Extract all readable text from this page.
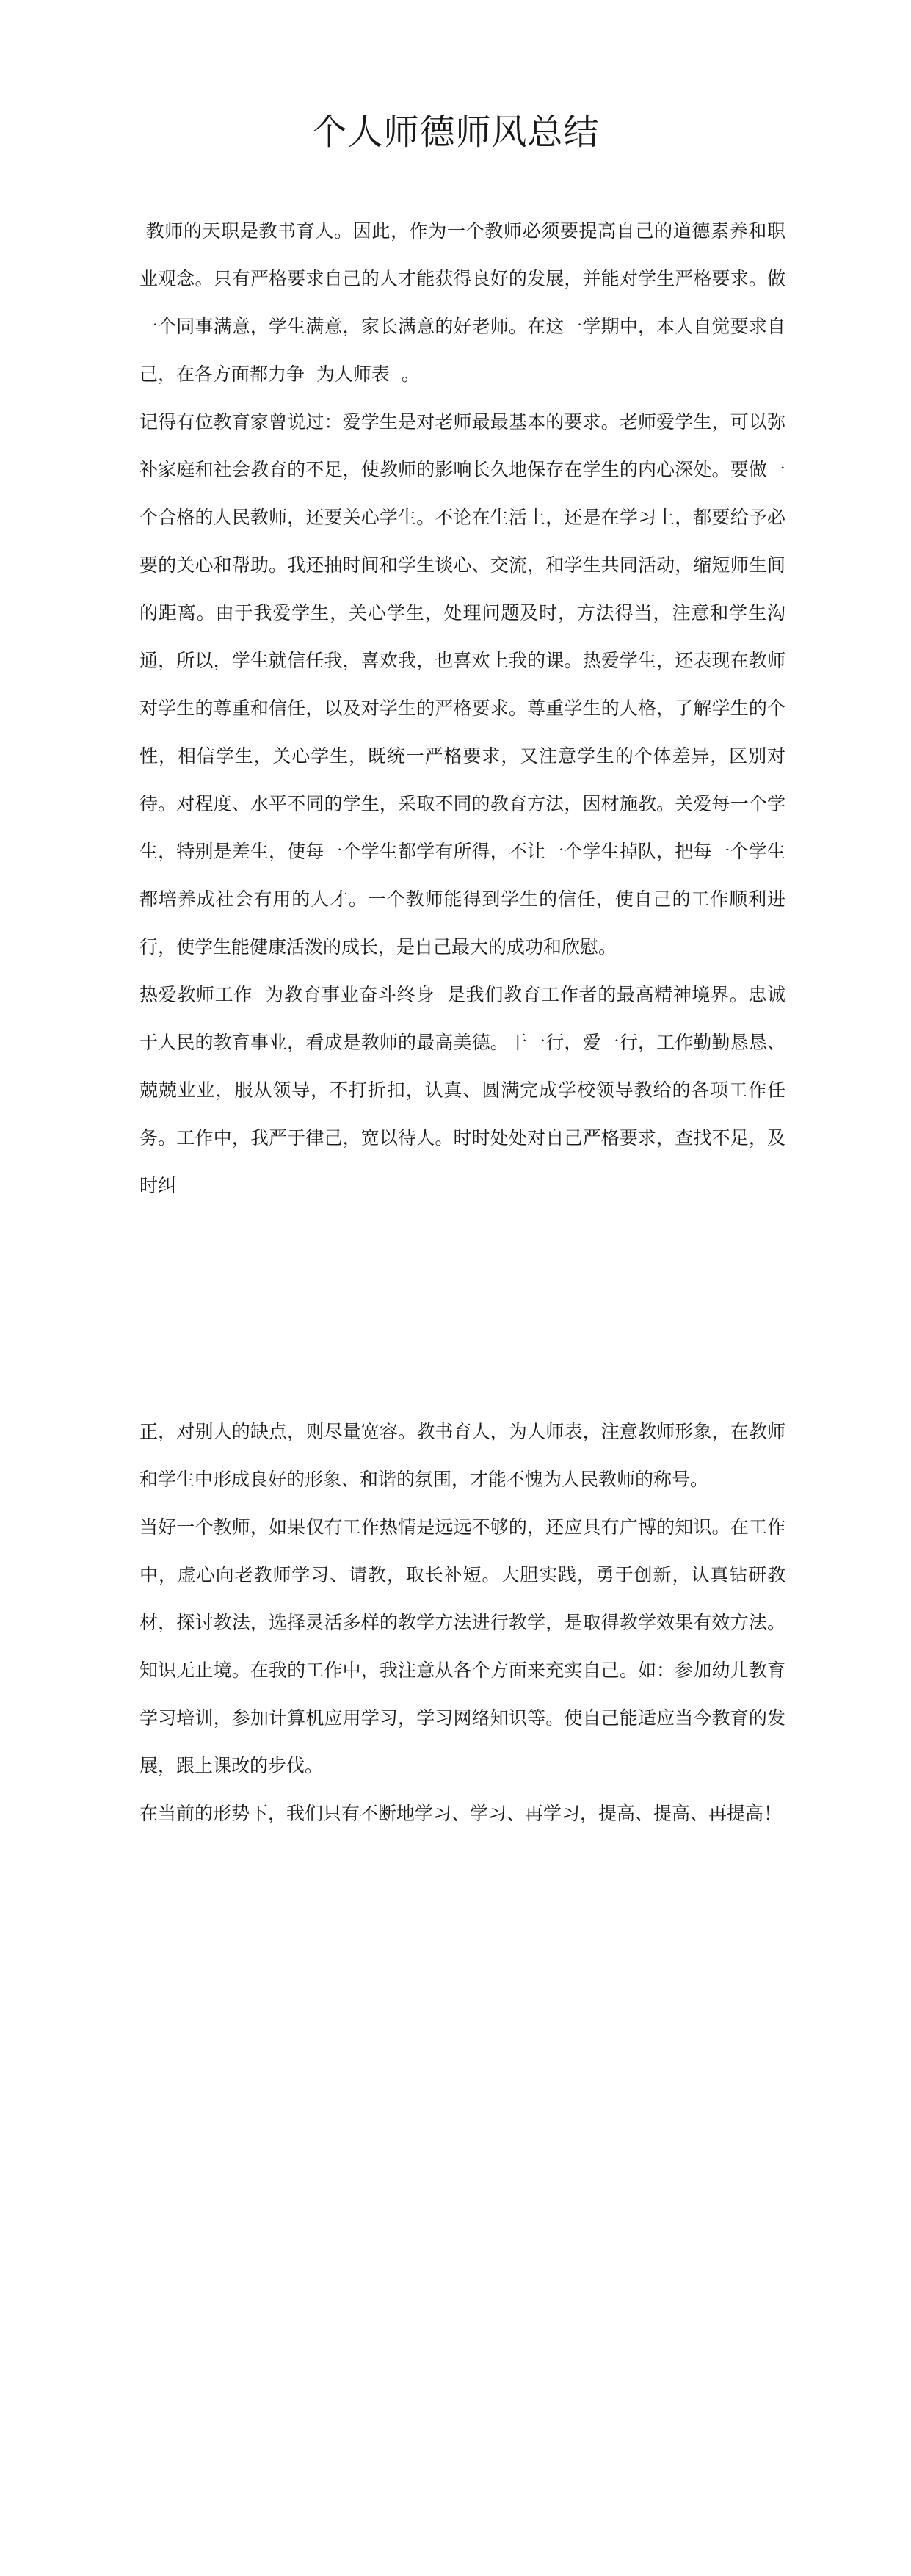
个人师德师风总结
教师的天职是教书育人。因此，作为一个教师必须要提高自己的道德素养和职业观念。只有严格要求自己的人才能获得良好的发展，并能对学生严格要求。做一个同事满意，学生满意，家长满意的好老师。在这一学期中，本人自觉要求自己，在各方面都力争  为人师表  。
记得有位教育家曾说过：爱学生是对老师最最基本的要求。老师爱学生，可以弥补家庭和社会教育的不足，使教师的影响长久地保存在学生的内心深处。要做一个合格的人民教师，还要关心学生。不论在生活上，还是在学习上，都要给予必要的关心和帮助。我还抽时间和学生谈心、交流，和学生共同活动，缩短师生间的距离。由于我爱学生，关心学生，处理问题及时，方法得当，注意和学生沟通，所以，学生就信任我，喜欢我，也喜欢上我的课。热爱学生，还表现在教师对学生的尊重和信任，以及对学生的严格要求。尊重学生的人格，了解学生的个性，相信学生，关心学生，既统一严格要求，又注意学生的个体差异，区别对待。对程度、水平不同的学生，采取不同的教育方法，因材施教。关爱每一个学生，特别是差生，使每一个学生都学有所得，不让一个学生掉队，把每一个学生都培养成社会有用的人才。一个教师能得到学生的信任，使自己的工作顺利进行，使学生能健康活泼的成长，是自己最大的成功和欣慰。
热爱教师工作  为教育事业奋斗终身  是我们教育工作者的最高精神境界。忠诚于人民的教育事业，看成是教师的最高美德。干一行，爱一行，工作勤勤恳恳、兢兢业业，服从领导，不打折扣，认真、圆满完成学校领导教给的各项工作任务。工作中，我严于律己，宽以待人。时时处处对自己严格要求，查找不足，及时纠
正，对别人的缺点，则尽量宽容。教书育人，为人师表，注意教师形象，在教师和学生中形成良好的形象、和谐的氛围，才能不愧为人民教师的称号。
当好一个教师，如果仅有工作热情是远远不够的，还应具有广博的知识。在工作中，虚心向老教师学习、请教，取长补短。大胆实践，勇于创新，认真钻研教材，探讨教法，选择灵活多样的教学方法进行教学，是取得教学效果有效方法。知识无止境。在我的工作中，我注意从各个方面来充实自己。如：参加幼儿教育学习培训，参加计算机应用学习，学习网络知识等。使自己能适应当今教育的发展，跟上课改的步伐。
在当前的形势下，我们只有不断地学习、学习、再学习，提高、提高、再提高！
